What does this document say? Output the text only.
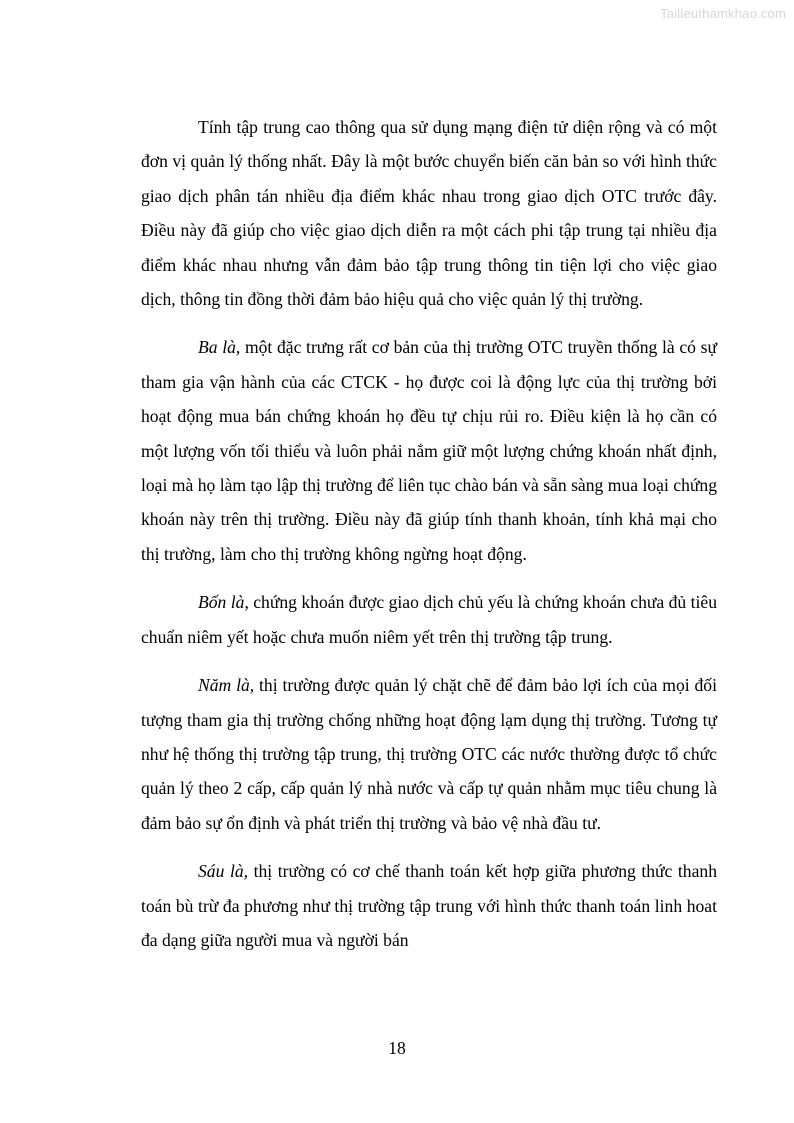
Tailieuthamkhao.com

Tính tập trung cao thông qua sử dụng mạng điện tử diện rộng và có một đơn vị quản lý thống nhất. Đây là một bước chuyển biến căn bản so với hình thức giao dịch phân tán nhiều địa điểm khác nhau trong giao dịch OTC trước đây. Điều này đã giúp cho việc giao dịch diễn ra một cách phi tập trung tại nhiều địa điểm khác nhau nhưng vẫn đảm bảo tập trung thông tin tiện lợi cho việc giao dịch, thông tin đồng thời đảm bảo hiệu quả cho việc quản lý thị trường.

Ba là, một đặc trưng rất cơ bản của thị trường OTC truyền thống là có sự tham gia vận hành của các CTCK - họ được coi là động lực của thị trường bởi hoạt động mua bán chứng khoán họ đều tự chịu rủi ro. Điều kiện là họ cần có một lượng vốn tối thiểu và luôn phải nắm giữ một lượng chứng khoán nhất định, loại mà họ làm tạo lập thị trường để liên tục chào bán và sẵn sàng mua loại chứng khoán này trên thị trường. Điều này đã giúp tính thanh khoản, tính khả mại cho thị trường, làm cho thị trường không ngừng hoạt động.

Bốn là, chứng khoán được giao dịch chủ yếu là chứng khoán chưa đủ tiêu chuẩn niêm yết hoặc chưa muốn niêm yết trên thị trường tập trung.

Năm là, thị trường được quản lý chặt chẽ để đảm bảo lợi ích của mọi đối tượng tham gia thị trường chống những hoạt động lạm dụng thị trường. Tương tự như hệ thống thị trường tập trung, thị trường OTC các nước thường được tổ chức quản lý theo 2 cấp, cấp quản lý nhà nước và cấp tự quản nhằm mục tiêu chung là đảm bảo sự ổn định và phát triển thị trường và bảo vệ nhà đầu tư.

Sáu là, thị trường có cơ chế thanh toán kết hợp giữa phương thức thanh toán bù trừ đa phương như thị trường tập trung với hình thức thanh toán linh hoat đa dạng giữa người mua và người bán

18
